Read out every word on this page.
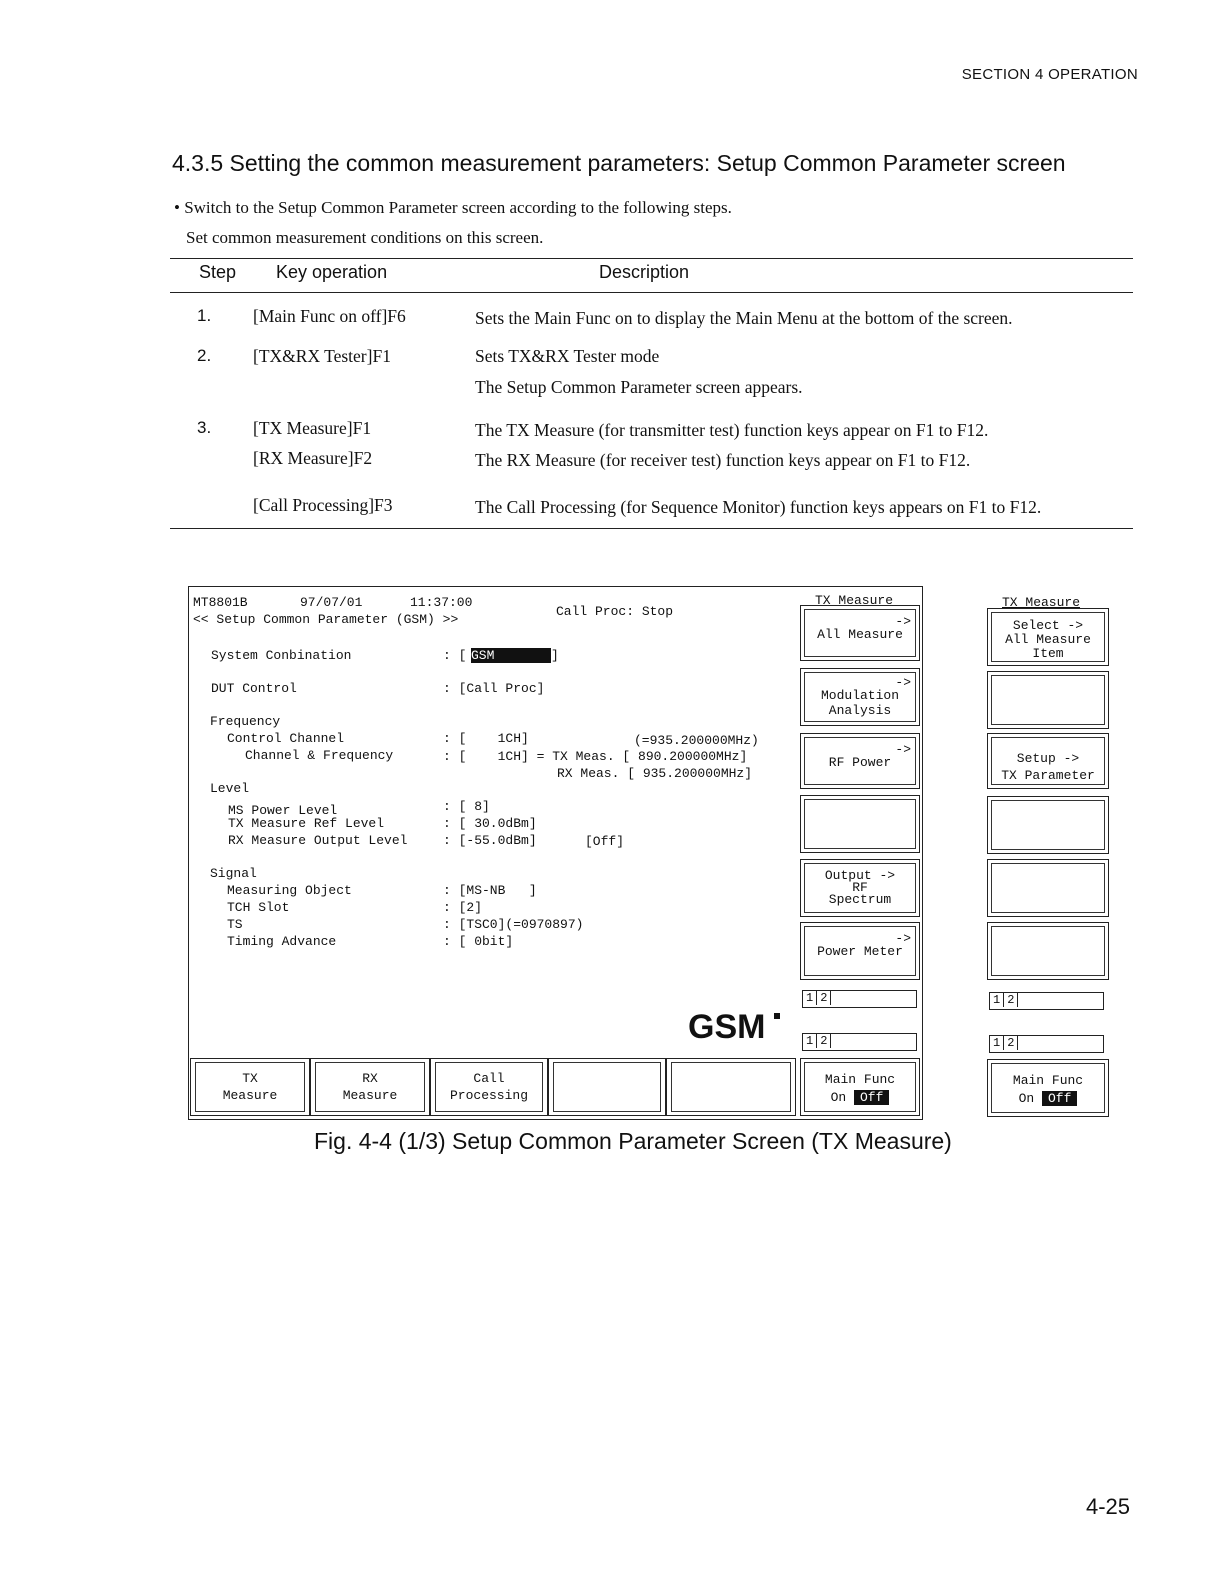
SECTION 4 OPERATION
4.3.5 Setting the common measurement parameters: Setup Common Parameter screen
• Switch to the Setup Common Parameter screen according to the following steps.
Set common measurement conditions on this screen.
Step Key operation	Description
1. [Main Func on off]F6	Sets the Main Func on to display the Main Menu at the bottom of the screen.
2. [TX&RX Tester]F1	Sets TX&RX Tester mode
The Setup Common Parameter screen appears.
3. [TX Measure]F1	The TX Measure (for transmitter test) function keys appear on F1 to F12.
[RX Measure]F2	The RX Measure (for receiver test) function keys appear on F1 to F12.
[Call Processing]F3	The Call Processing (for Sequence Monitor) function keys appears on F1 to F12.
MT8801B	97/07/01	11:37:00
Call Proc: Stop
<< Setup Common Parameter (GSM) >>
System Conbination	: [ GSM	]
DUT Control	: [Call Proc]
Frequency
Control Channel	: [    1CH]	(=935.200000MHz)
Channel & Frequency	: [    1CH] = TX Meas. [ 890.200000MHz]
RX Meas. [ 935.200000MHz]
Level
MS Power Level	: [ 8]
TX Measure Ref Level	: [ 30.0dBm]
RX Measure Output Level	: [-55.0dBm]	[Off]
Signal
Measuring Object	: [MS-NB   ]
TCH Slot	: [2]
TS	: [TSC0](=0970897)
Timing Advance	: [ 0bit]
GSM
TX
Measure
RX
Measure
Call
Processing
TX Measure
->
All Measure
->
Modulation
Analysis
->
RF Power
Output ->
RF
Spectrum
->
Power Meter
1 2
1 2
Main Func
On Off
TX Measure
Select ->
All Measure
Item
Setup ->
TX Parameter
1 2
1 2
Main Func
On Off
Fig. 4-4 (1/3) Setup Common Parameter Screen (TX Measure)
4-25
